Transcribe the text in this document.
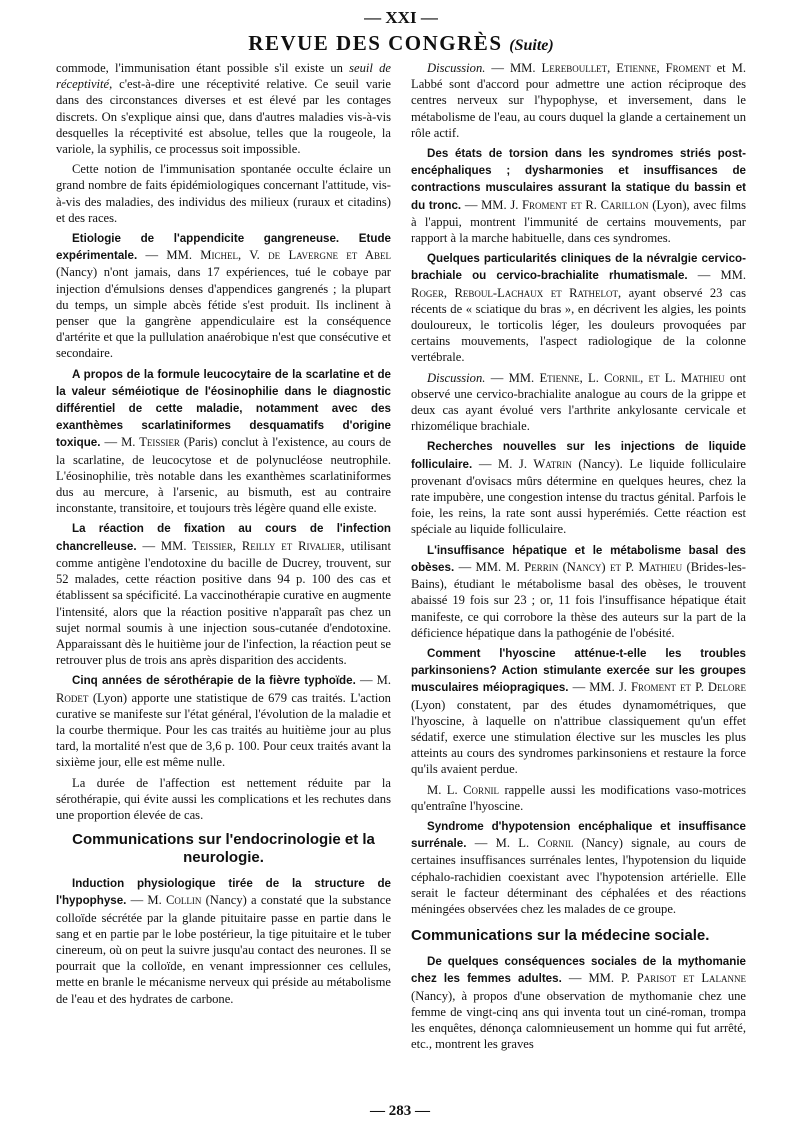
— XXI —
REVUE DES CONGRÈS (Suite)

commode, l'immunisation étant possible s'il existe un seuil de réceptivité, c'est-à-dire une réceptivité relative. Ce seuil varie dans des circonstances diverses et est élevé par les contages discrets. On s'explique ainsi que, dans d'autres maladies vis-à-vis desquelles la réceptivité est absolue, telles que la rougeole, la variole, la syphilis, ce processus soit impossible.

Cette notion de l'immunisation spontanée occulte éclaire un grand nombre de faits épidémiologiques concernant l'attitude, vis-à-vis des maladies, des individus des milieux (ruraux et citadins) et des races.

Etiologie de l'appendicite gangreneuse. Etude expérimentale. — MM. Michel, V. de Lavergne et Abel (Nancy) n'ont jamais, dans 17 expériences, tué le cobaye par injection d'émulsions denses d'appendices gangrenés ; la plupart du temps, un simple abcès fétide s'est produit. Ils inclinent à penser que la gangrène appendiculaire est la conséquence d'artérite et que la pullulation anaérobique n'est que consécutive et secondaire.

A propos de la formule leucocytaire de la scarlatine et de la valeur séméiotique de l'éosinophilie dans le diagnostic différentiel de cette maladie, notamment avec des exanthèmes scarlatiniformes desquamatifs d'origine toxique. — M. Teissier (Paris) conclut à l'existence, au cours de la scarlatine, de leucocytose et de polynucléose neutrophile. L'éosinophilie, très notable dans les exanthèmes scarlatiniformes dus au mercure, à l'arsenic, au bismuth, est au contraire inconstante, transitoire, et toujours très légère quand elle existe.

La réaction de fixation au cours de l'infection chancrelleuse. — MM. Teissier, Reilly et Rivalier, utilisant comme antigène l'endotoxine du bacille de Ducrey, trouvent, sur 52 malades, cette réaction positive dans 94 p. 100 des cas et établissent sa spécificité. La vaccinothérapie curative en augmente l'intensité, alors que la réaction positive n'apparaît pas chez un sujet normal soumis à une injection sous-cutanée d'endotoxine. Apparaissant dès le huitième jour de l'infection, la réaction peut se retrouver plus de trois ans après disparition des accidents.

Cinq années de sérothérapie de la fièvre typhoïde. — M. Rodet (Lyon) apporte une statistique de 679 cas traités. L'action curative se manifeste sur l'état général, l'évolution de la maladie et la courbe thermique. Pour les cas traités au huitième jour au plus tard, la mortalité n'est que de 3,6 p. 100. Pour ceux traités avant la sixième jour, elle est même nulle.

La durée de l'affection est nettement réduite par la sérothérapie, qui évite aussi les complications et les rechutes dans une proportion élevée de cas.

Communications sur l'endocrinologie et la neurologie.

Induction physiologique tirée de la structure de l'hypophyse. — M. Collin (Nancy) a constaté que la substance colloïde sécrétée par la glande pituitaire passe en partie dans le sang et en partie par le lobe postérieur, la tige pituitaire et le tuber cinereum, où on peut la suivre jusqu'au contact des neurones. Il se pourrait que la colloïde, en venant impressionner ces cellules, mette en branle le mécanisme nerveux qui préside au métabolisme de l'eau et des hydrates de carbone.

Discussion. — MM. Lereboullet, Etienne, Froment et M. Labbé sont d'accord pour admettre une action réciproque des centres nerveux sur l'hypophyse, et inversement, dans le métabolisme de l'eau, au cours duquel la glande a certainement un rôle actif.

Des états de torsion dans les syndromes striés post-encéphaliques ; dysharmonies et insuffisances de contractions musculaires assurant la statique du bassin et du tronc. — MM. J. Froment et R. Carillon (Lyon), avec films à l'appui, montrent l'immunité de certains mouvements, par rapport à la marche habituelle, dans ces syndromes.

Quelques particularités cliniques de la névralgie cervico-brachiale ou cervico-brachialite rhumatismale. — MM. Roger, Reboul-Lachaux et Rathelot, ayant observé 23 cas récents de « sciatique du bras », en décrivent les algies, les points douloureux, le torticolis léger, les douleurs provoquées par certains mouvements, l'aspect radiologique de la colonne vertébrale.

Discussion. — MM. Etienne, L. Cornil, et L. Mathieu ont observé une cervico-brachialite analogue au cours de la grippe et deux cas ayant évolué vers l'arthrite ankylosante cervicale et rhizomélique brachiale.

Recherches nouvelles sur les injections de liquide folliculaire. — M. J. Watrin (Nancy). Le liquide folliculaire provenant d'ovisacs mûrs détermine en quelques heures, chez la rate impubère, une congestion intense du tractus génital. Parfois le foie, les reins, la rate sont aussi hyperémiés. Cette réaction est spéciale au liquide folliculaire.

L'insuffisance hépatique et le métabolisme basal des obèses. — MM. M. Perrin (Nancy) et P. Mathieu (Brides-les-Bains), étudiant le métabolisme basal des obèses, le trouvent abaissé 19 fois sur 23 ; or, 11 fois l'insuffisance hépatique était manifeste, ce qui corrobore la thèse des auteurs sur la part de la déficience hépatique dans la pathogénie de l'obésité.

Comment l'hyoscine atténue-t-elle les troubles parkinsoniens? Action stimulante exercée sur les groupes musculaires méiopragiques. — MM. J. Froment et P. Delore (Lyon) constatent, par des études dynamométriques, que l'hyoscine, à laquelle on n'attribue classiquement qu'un effet sédatif, exerce une stimulation élective sur les muscles les plus atteints au cours des syndromes parkinsoniens et restaure la force qu'ils avaient perdue.

M. L. Cornil rappelle aussi les modifications vaso-motrices qu'entraîne l'hyoscine.

Syndrome d'hypotension encéphalique et insuffisance surrénale. — M. L. Cornil (Nancy) signale, au cours de certaines insuffisances surrénales lentes, l'hypotension du liquide céphalo-rachidien coexistant avec l'hypotension artérielle. Elle serait le facteur déterminant des céphalées et des réactions méningées observées chez les malades de ce groupe.

Communications sur la médecine sociale.

De quelques conséquences sociales de la mythomanie chez les femmes adultes. — MM. P. Parisot et Lalanne (Nancy), à propos d'une observation de mythomanie chez une femme de vingt-cinq ans qui inventa tout un ciné-roman, trompa les enquêtes, dénonça calomnieusement un homme qui fut arrêté, etc., montrent les graves

— 283 —
